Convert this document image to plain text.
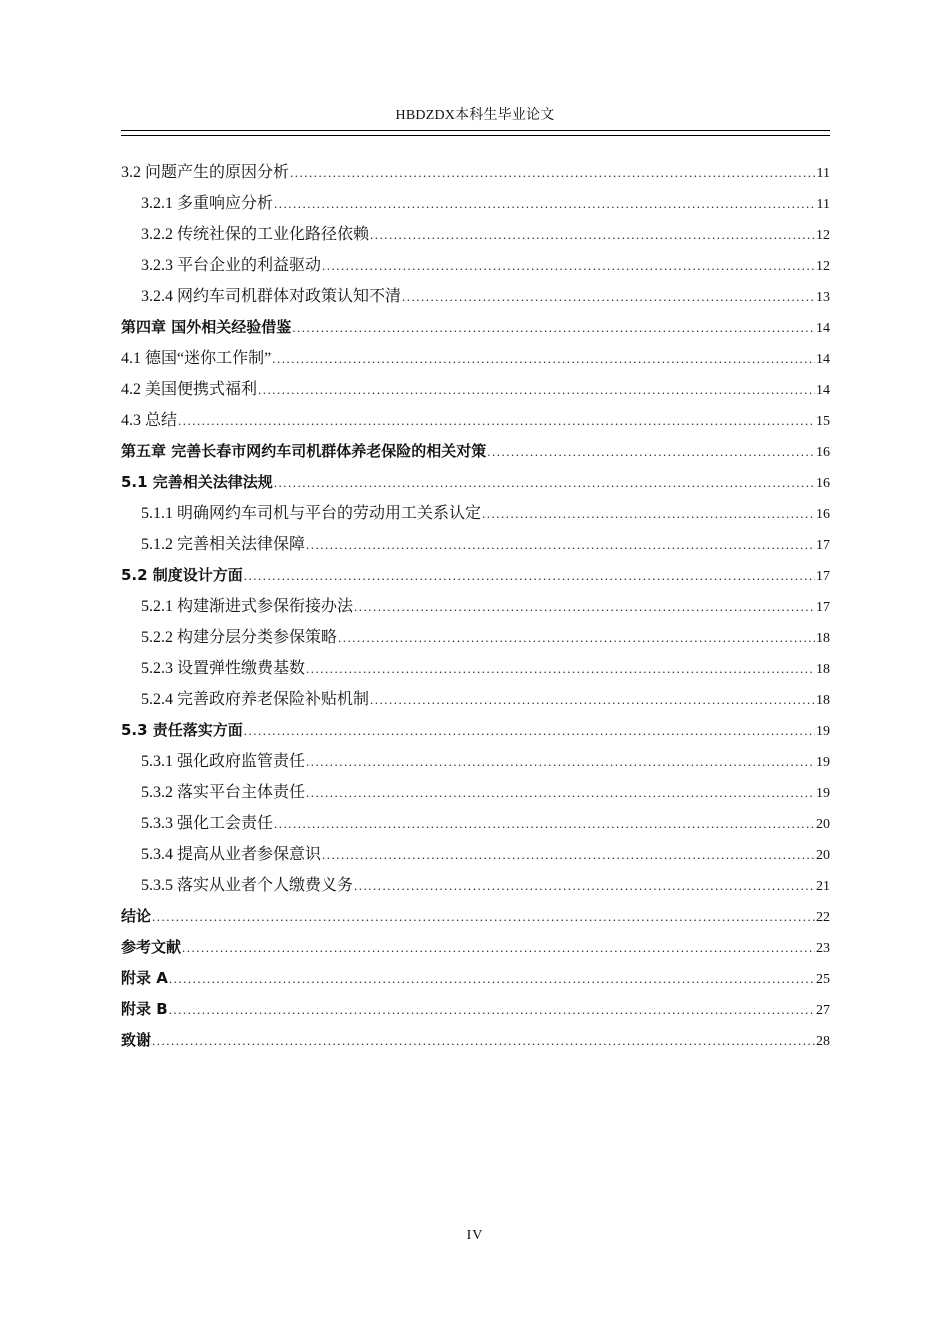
HBDZDX本科生毕业论文
3.2 问题产生的原因分析 .....	11
3.2.1 多重响应分析 .....	11
3.2.2 传统社保的工业化路径依赖 .....	12
3.2.3 平台企业的利益驱动 .....	12
3.2.4 网约车司机群体对政策认知不清 .....	13
第四章 国外相关经验借鉴 .....	14
4.1 德国“迷你工作制” .....	14
4.2 美国便携式福利 .....	14
4.3 总结 .....	15
第五章 完善长春市网约车司机群体养老保险的相关对策 .....	16
5.1 完善相关法律法规 .....	16
5.1.1 明确网约车司机与平台的劳动用工关系认定 .....	16
5.1.2 完善相关法律保障 .....	17
5.2 制度设计方面 .....	17
5.2.1 构建渐进式参保衔接办法 .....	17
5.2.2 构建分层分类参保策略 .....	18
5.2.3 设置弹性缴费基数 .....	18
5.2.4 完善政府养老保险补贴机制 .....	18
5.3 责任落实方面 .....	19
5.3.1 强化政府监管责任 .....	19
5.3.2 落实平台主体责任 .....	19
5.3.3 强化工会责任 .....	20
5.3.4 提高从业者参保意识 .....	20
5.3.5 落实从业者个人缴费义务 .....	21
结论 .....	22
参考文献 .....	23
附录 A .....	25
附录 B .....	27
致谢 .....	28
IV
